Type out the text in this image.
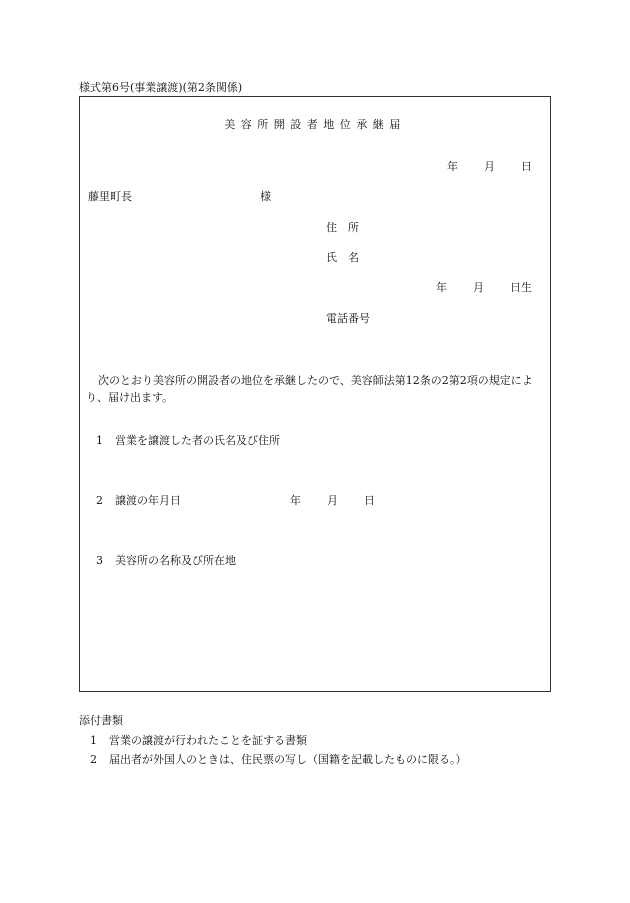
様式第6号(事業譲渡)(第2条関係)
美容所開設者地位承継届
年 月 日
藤里町長	様
住　所
氏　名
年 月 日生
電話番号
次のとおり美容所の開設者の地位を承継したので、美容師法第12条の2第2項の規定により、届け出ます。
1 営業を譲渡した者の氏名及び住所
2 譲渡の年月日	年 月 日
3 美容所の名称及び所在地
添付書類
1 営業の譲渡が行われたことを証する書類
2 届出者が外国人のときは、住民票の写し（国籍を記載したものに限る。）
